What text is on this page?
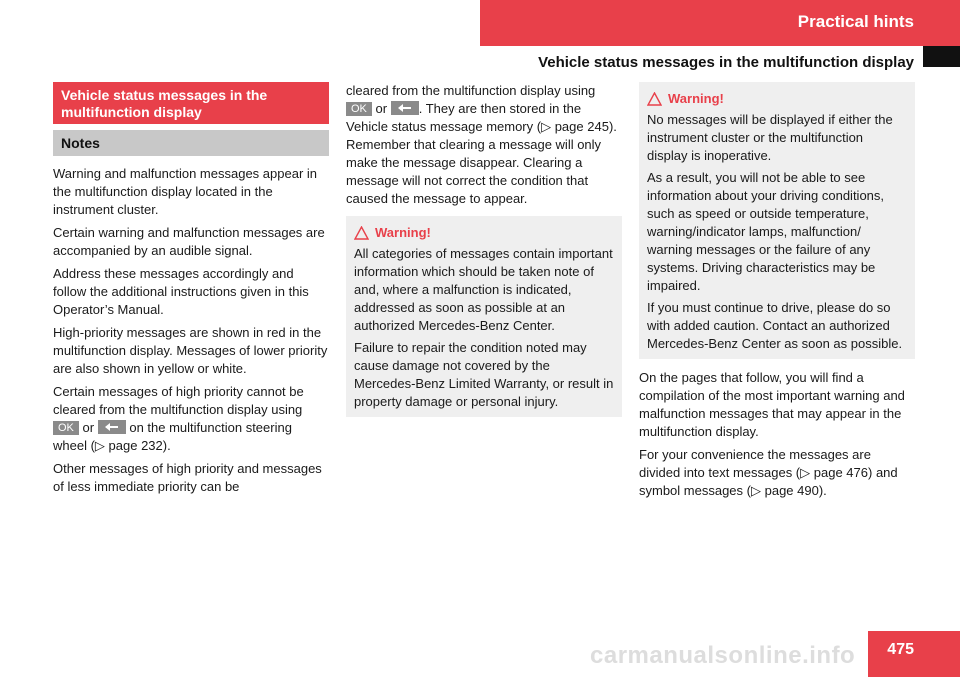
Practical hints
Vehicle status messages in the multifunction display
Vehicle status messages in the multifunction display
Notes

Warning and malfunction messages appear in the multifunction display located in the instrument cluster.

Certain warning and malfunction messages are accompanied by an audible signal.

Address these messages accordingly and follow the additional instructions given in this Operator’s Manual.

High-priority messages are shown in red in the multifunction display. Messages of lower priority are also shown in yellow or white.

Certain messages of high priority cannot be cleared from the multifunction display using OK or	on the multifunction steering wheel (▷ page 232).

Other messages of high priority and messages of less immediate priority can be

cleared from the multifunction display using OK or . They are then stored in the Vehicle status message memory (▷ page 245). Remember that clearing a message will only make the message disappear. Clearing a message will not correct the condition that caused the message to appear.

Warning!

All categories of messages contain important information which should be taken note of and, where a malfunction is indicated, addressed as soon as possible at an authorized Mercedes-Benz Center.

Failure to repair the condition noted may cause damage not covered by the Mercedes-Benz Limited Warranty, or result in property damage or personal injury.

Warning!

No messages will be displayed if either the instrument cluster or the multifunction display is inoperative.

As a result, you will not be able to see information about your driving conditions, such as speed or outside temperature, warning/indicator lamps, malfunction/ warning messages or the failure of any systems. Driving characteristics may be impaired.

If you must continue to drive, please do so with added caution. Contact an authorized Mercedes-Benz Center as soon as possible.

On the pages that follow, you will find a compilation of the most important warning and malfunction messages that may appear in the multifunction display.

For your convenience the messages are divided into text messages (▷ page 476) and symbol messages (▷ page 490).

carmanualsonline.info 475
